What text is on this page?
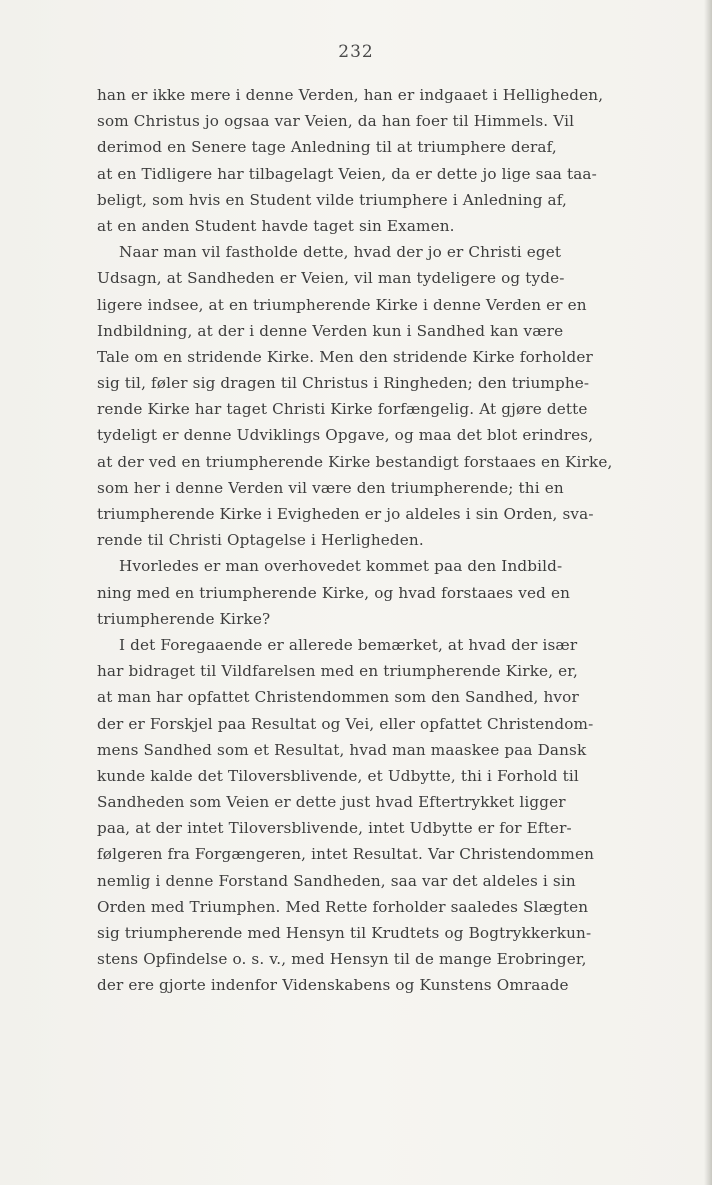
232
han er ikke mere i denne Verden, han er indgaaet i Helligheden,
som Christus jo ogsaa var Veien, da han foer til Himmels. Vil
derimod en Senere tage Anledning til at triumphere deraf,
at en Tidligere har tilbagelagt Veien, da er dette jo lige saa taa-
beligt, som hvis en Student vilde triumphere i Anledning af,
at en anden Student havde taget sin Examen.
Naar man vil fastholde dette, hvad der jo er Christi eget
Udsagn, at Sandheden er Veien, vil man tydeligere og tyde-
ligere indsee, at en triumpherende Kirke i denne Verden er en
Indbildning, at der i denne Verden kun i Sandhed kan være
Tale om en stridende Kirke. Men den stridende Kirke forholder
sig til, føler sig dragen til Christus i Ringheden; den triumphe-
rende Kirke har taget Christi Kirke forfængelig. At gjøre dette
tydeligt er denne Udviklings Opgave, og maa det blot erindres,
at der ved en triumpherende Kirke bestandigt forstaaes en Kirke,
som her i denne Verden vil være den triumpherende; thi en
triumpherende Kirke i Evigheden er jo aldeles i sin Orden, sva-
rende til Christi Optagelse i Herligheden.
Hvorledes er man overhovedet kommet paa den Indbild-
ning med en triumpherende Kirke, og hvad forstaaes ved en
triumpherende Kirke?
I det Foregaaende er allerede bemærket, at hvad der især
har bidraget til Vildfarelsen med en triumpherende Kirke, er,
at man har opfattet Christendommen som den Sandhed, hvor
der er Forskjel paa Resultat og Vei, eller opfattet Christendom-
mens Sandhed som et Resultat, hvad man maaskee paa Dansk
kunde kalde det Tiloversblivende, et Udbytte, thi i Forhold til
Sandheden som Veien er dette just hvad Eftertrykket ligger
paa, at der intet Tiloversblivende, intet Udbytte er for Efter-
følgeren fra Forgængeren, intet Resultat. Var Christendommen
nemlig i denne Forstand Sandheden, saa var det aldeles i sin
Orden med Triumphen. Med Rette forholder saaledes Slægten
sig triumpherende med Hensyn til Krudtets og Bogtrykkerkun-
stens Opfindelse o. s. v., med Hensyn til de mange Erobringer,
der ere gjorte indenfor Videnskabens og Kunstens Omraade
